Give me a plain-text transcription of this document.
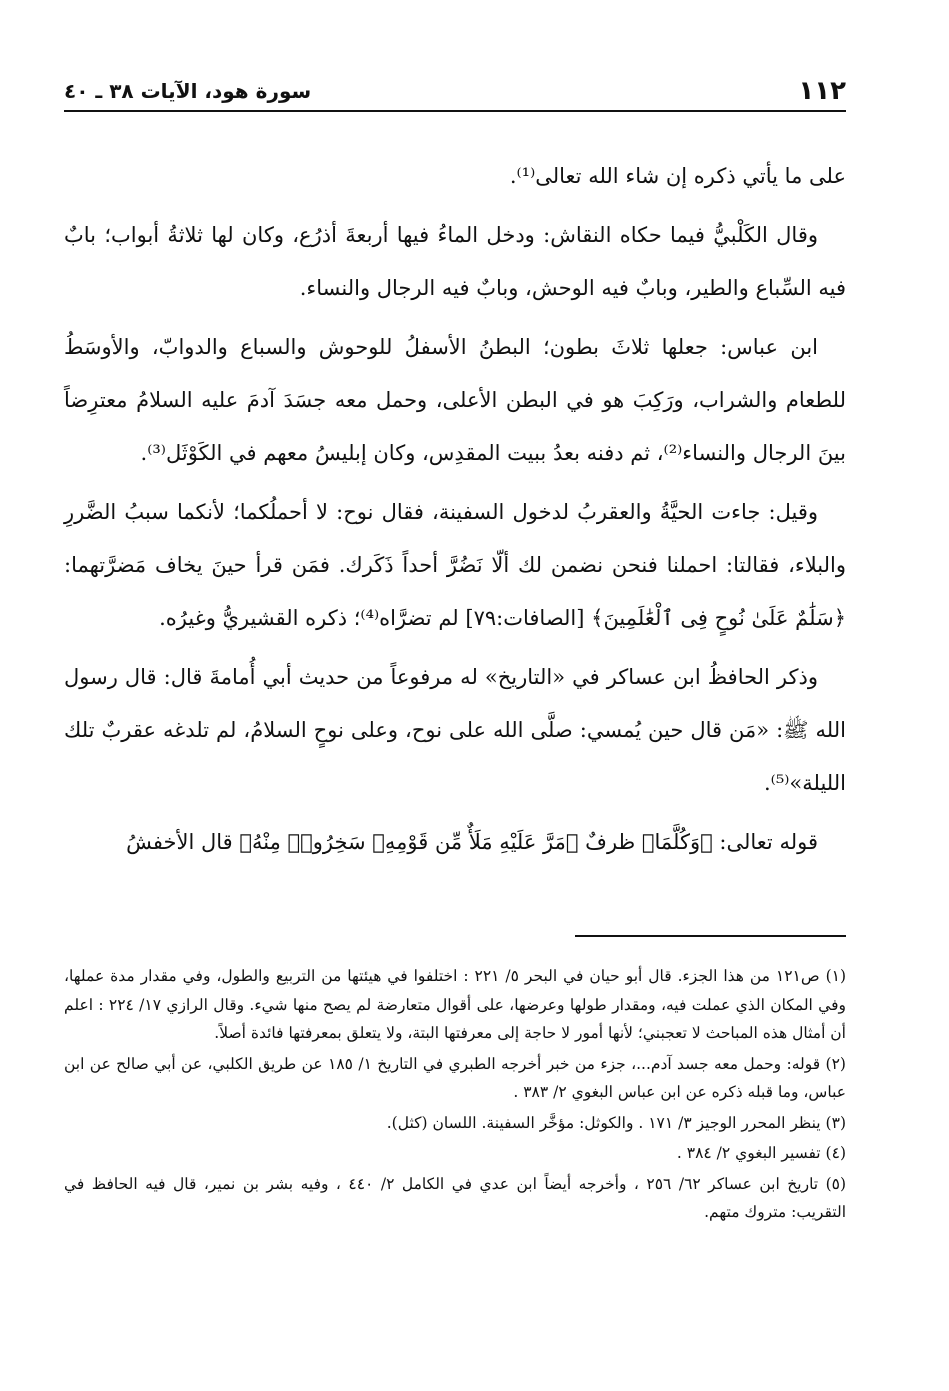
١١٢
سورة هود، الآيات ٣٨ ـ ٤٠

على ما يأتي ذكره إن شاء الله تعالى⁽¹⁾.

وقال الكَلْبيُّ فيما حكاه النقاش: ودخل الماءُ فيها أربعةَ أذرُع، وكان لها ثلاثةُ أبواب؛ بابٌ فيه السِّباع والطير، وبابٌ فيه الوحش، وبابٌ فيه الرجال والنساء.

ابن عباس: جعلها ثلاثَ بطون؛ البطنُ الأسفلُ للوحوش والسباع والدوابّ، والأوسَطُ للطعام والشراب، ورَكِبَ هو في البطن الأعلى، وحمل معه جسَدَ آدمَ عليه السلامُ معترِضاً بينَ الرجال والنساء⁽²⁾، ثم دفنه بعدُ ببيت المقدِس، وكان إبليسُ معهم في الكَوْثَل⁽³⁾.

وقيل: جاءت الحيَّةُ والعقربُ لدخول السفينة، فقال نوح: لا أحملُكما؛ لأنكما سببُ الضَّررِ والبلاء، فقالتا: احملنا فنحن نضمن لك ألّا نَضُرَّ أحداً ذَكَرك. فمَن قرأ حينَ يخاف مَضرَّتهما: ﴿سَلَٰمٌ عَلَىٰ نُوحٍ فِى ٱلْعَٰلَمِينَ﴾ [الصافات:٧٩] لم تضرَّاه⁽⁴⁾؛ ذكره القشيريُّ وغيرُه.

وذكر الحافظُ ابن عساكر في «التاريخ» له مرفوعاً من حديث أبي أُمامةَ قال: قال رسول الله ﷺ: «مَن قال حين يُمسي: صلَّى الله على نوح، وعلى نوحٍ السلامُ، لم تلدغه عقربٌ تلك الليلة»⁽⁵⁾.

قوله تعالى: ﴿وَكُلَّمَا﴾ ظرفٌ ﴿مَرَّ عَلَيْهِ مَلَأٌ مِّن قَوْمِهِۦ سَخِرُوا۟ مِنْهُ﴾ قال الأخفشُ

(١) ص١٢١ من هذا الجزء. قال أبو حيان في البحر ٥/ ٢٢١ : اختلفوا في هيئتها من التربيع والطول، وفي مقدار مدة عملها، وفي المكان الذي عملت فيه، ومقدار طولها وعرضها، على أقوال متعارضة لم يصح منها شيء. وقال الرازي ١٧/ ٢٢٤ : اعلم أن أمثال هذه المباحث لا تعجبني؛ لأنها أمور لا حاجة إلى معرفتها البتة، ولا يتعلق بمعرفتها فائدة أصلاً.

(٢) قوله: وحمل معه جسد آدم...، جزء من خبر أخرجه الطبري في التاريخ ١/ ١٨٥ عن طريق الكلبي، عن أبي صالح عن ابن عباس، وما قبله ذكره عن ابن عباس البغوي ٢/ ٣٨٣ .

(٣) ينظر المحرر الوجيز ٣/ ١٧١ . والكوثل: مؤخَّر السفينة. اللسان (كثل).

(٤) تفسير البغوي ٢/ ٣٨٤ .

(٥) تاريخ ابن عساكر ٦٢/ ٢٥٦ ، وأخرجه أيضاً ابن عدي في الكامل ٢/ ٤٤٠ ، وفيه بشر بن نمير، قال فيه الحافظ في التقريب: متروك متهم.
